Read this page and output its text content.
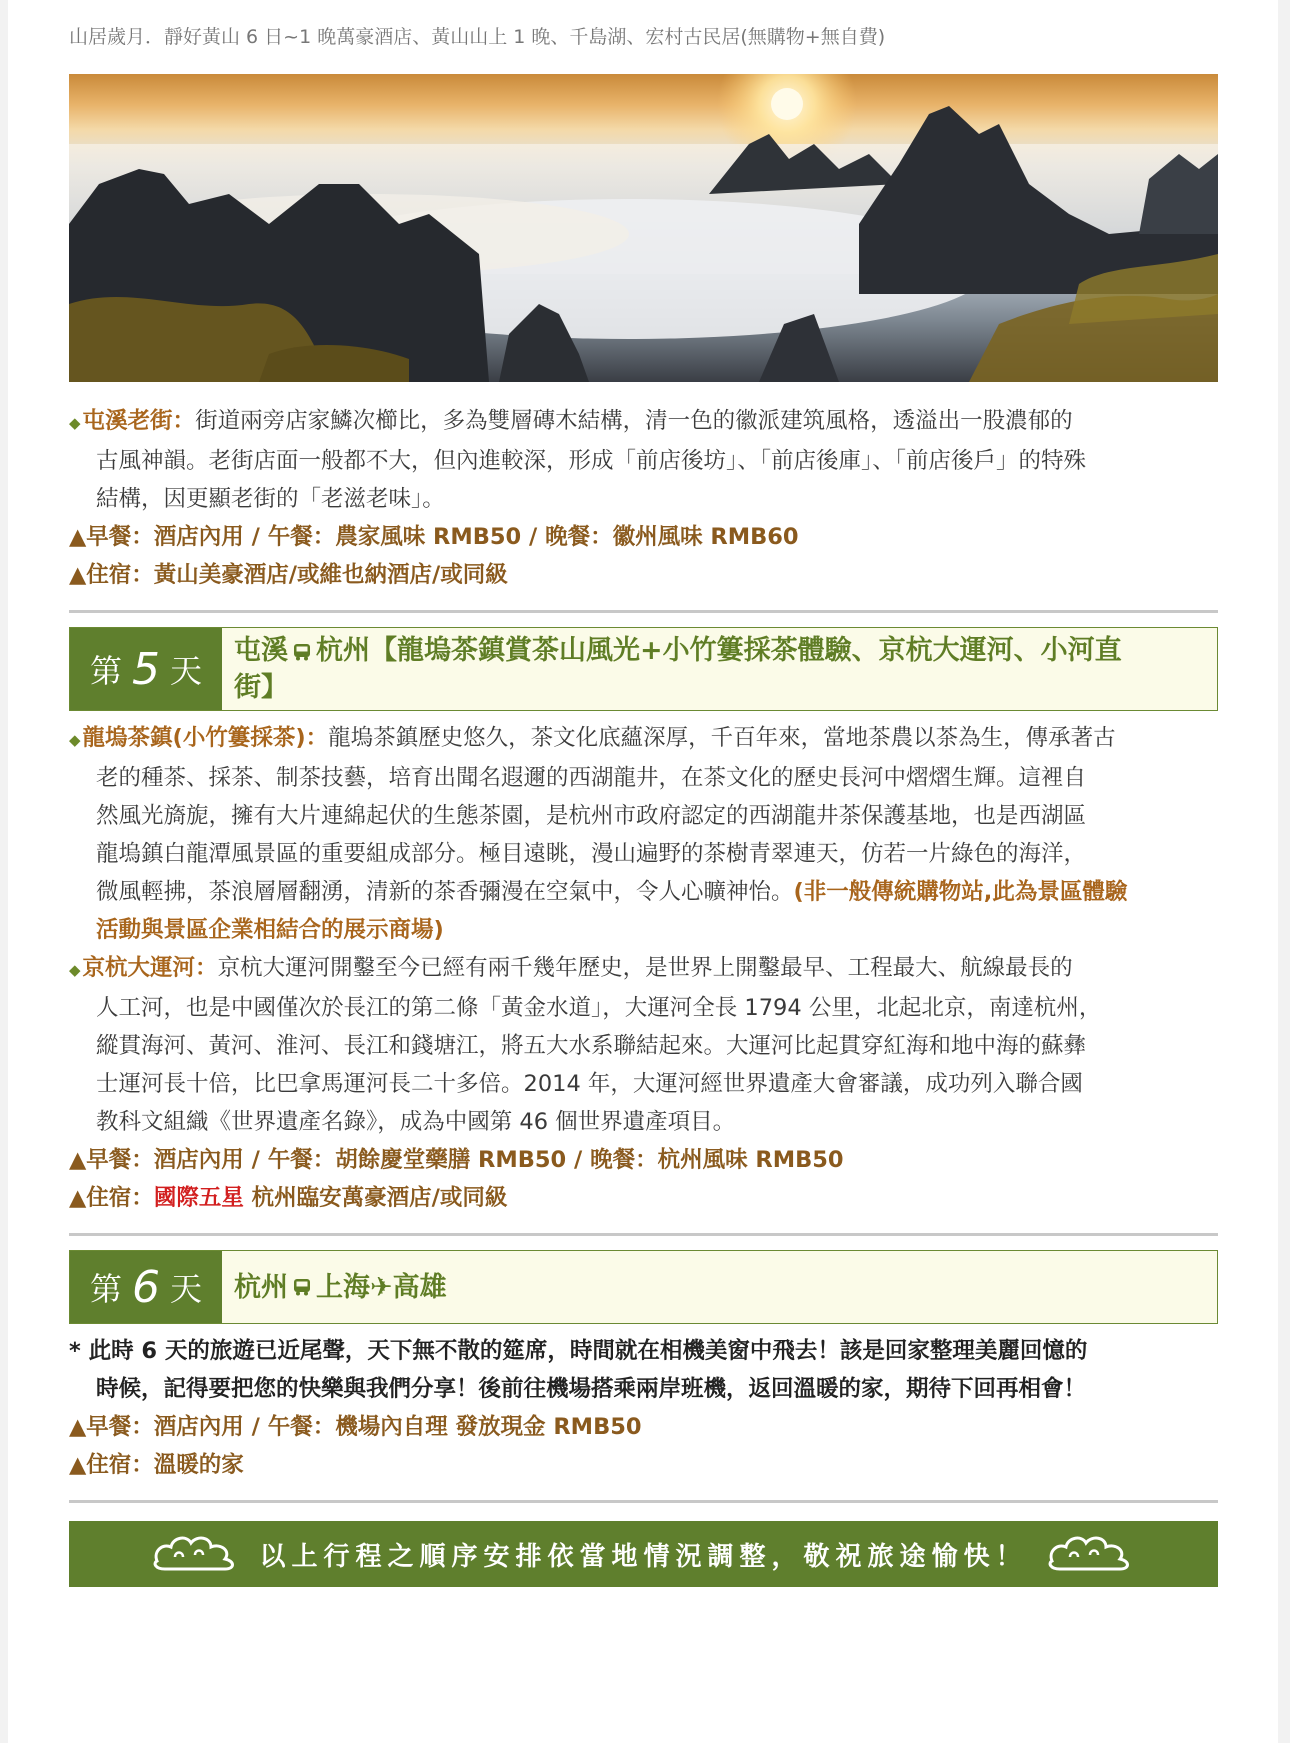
山居歲月．靜好黃山 6 日~1 晚萬豪酒店、黃山山上 1 晚、千島湖、宏村古民居(無購物+無自費)
◆屯溪老街：街道兩旁店家鱗次櫛比，多為雙層磚木結構，清一色的徽派建筑風格，透溢出一股濃郁的
古風神韻。老街店面一般都不大，但內進較深，形成「前店後坊」、「前店後庫」、「前店後戶」的特殊
結構，因更顯老街的「老滋老味」。
▲早餐：酒店內用 / 午餐：農家風味 RMB50 / 晚餐：徽州風味 RMB60
▲住宿：黃山美豪酒店/或維也納酒店/或同級
第 5 天
屯溪 杭州【龍塢茶鎮賞茶山風光+小竹簍採茶體驗、京杭大運河、小河直
街】
◆龍塢茶鎮(小竹簍採茶)：龍塢茶鎮歷史悠久，茶文化底蘊深厚，千百年來，當地茶農以茶為生，傳承著古
老的種茶、採茶、制茶技藝，培育出聞名遐邇的西湖龍井，在茶文化的歷史長河中熠熠生輝。這裡自
然風光旖旎，擁有大片連綿起伏的生態茶園，是杭州市政府認定的西湖龍井茶保護基地，也是西湖區
龍塢鎮白龍潭風景區的重要組成部分。極目遠眺，漫山遍野的茶樹青翠連天，仿若一片綠色的海洋，
微風輕拂，茶浪層層翻湧，清新的茶香彌漫在空氣中，令人心曠神怡。(非一般傳統購物站,此為景區體驗
活動與景區企業相結合的展示商場)
◆京杭大運河：京杭大運河開鑿至今已經有兩千幾年歷史，是世界上開鑿最早、工程最大、航線最長的
人工河，也是中國僅次於長江的第二條「黃金水道」，大運河全長 1794 公里，北起北京，南達杭州，
縱貫海河、黃河、淮河、長江和錢塘江，將五大水系聯結起來。大運河比起貫穿紅海和地中海的蘇彝
士運河長十倍，比巴拿馬運河長二十多倍。2014 年，大運河經世界遺產大會審議，成功列入聯合國
教科文組織《世界遺產名錄》，成為中國第 46 個世界遺產項目。
▲早餐：酒店內用 / 午餐：胡餘慶堂藥膳 RMB50 / 晚餐：杭州風味 RMB50
▲住宿：國際五星 杭州臨安萬豪酒店/或同級
第 6 天 杭州 上海 ✈ 高雄
* 此時 6 天的旅遊已近尾聲，天下無不散的筵席，時間就在相機美窗中飛去！該是回家整理美麗回憶的
時候，記得要把您的快樂與我們分享！後前往機場搭乘兩岸班機，返回溫暖的家，期待下回再相會！
▲早餐：酒店內用 / 午餐：機場內自理 發放現金 RMB50
▲住宿：溫暖的家
以上行程之順序安排依當地情況調整，敬祝旅途愉快！
